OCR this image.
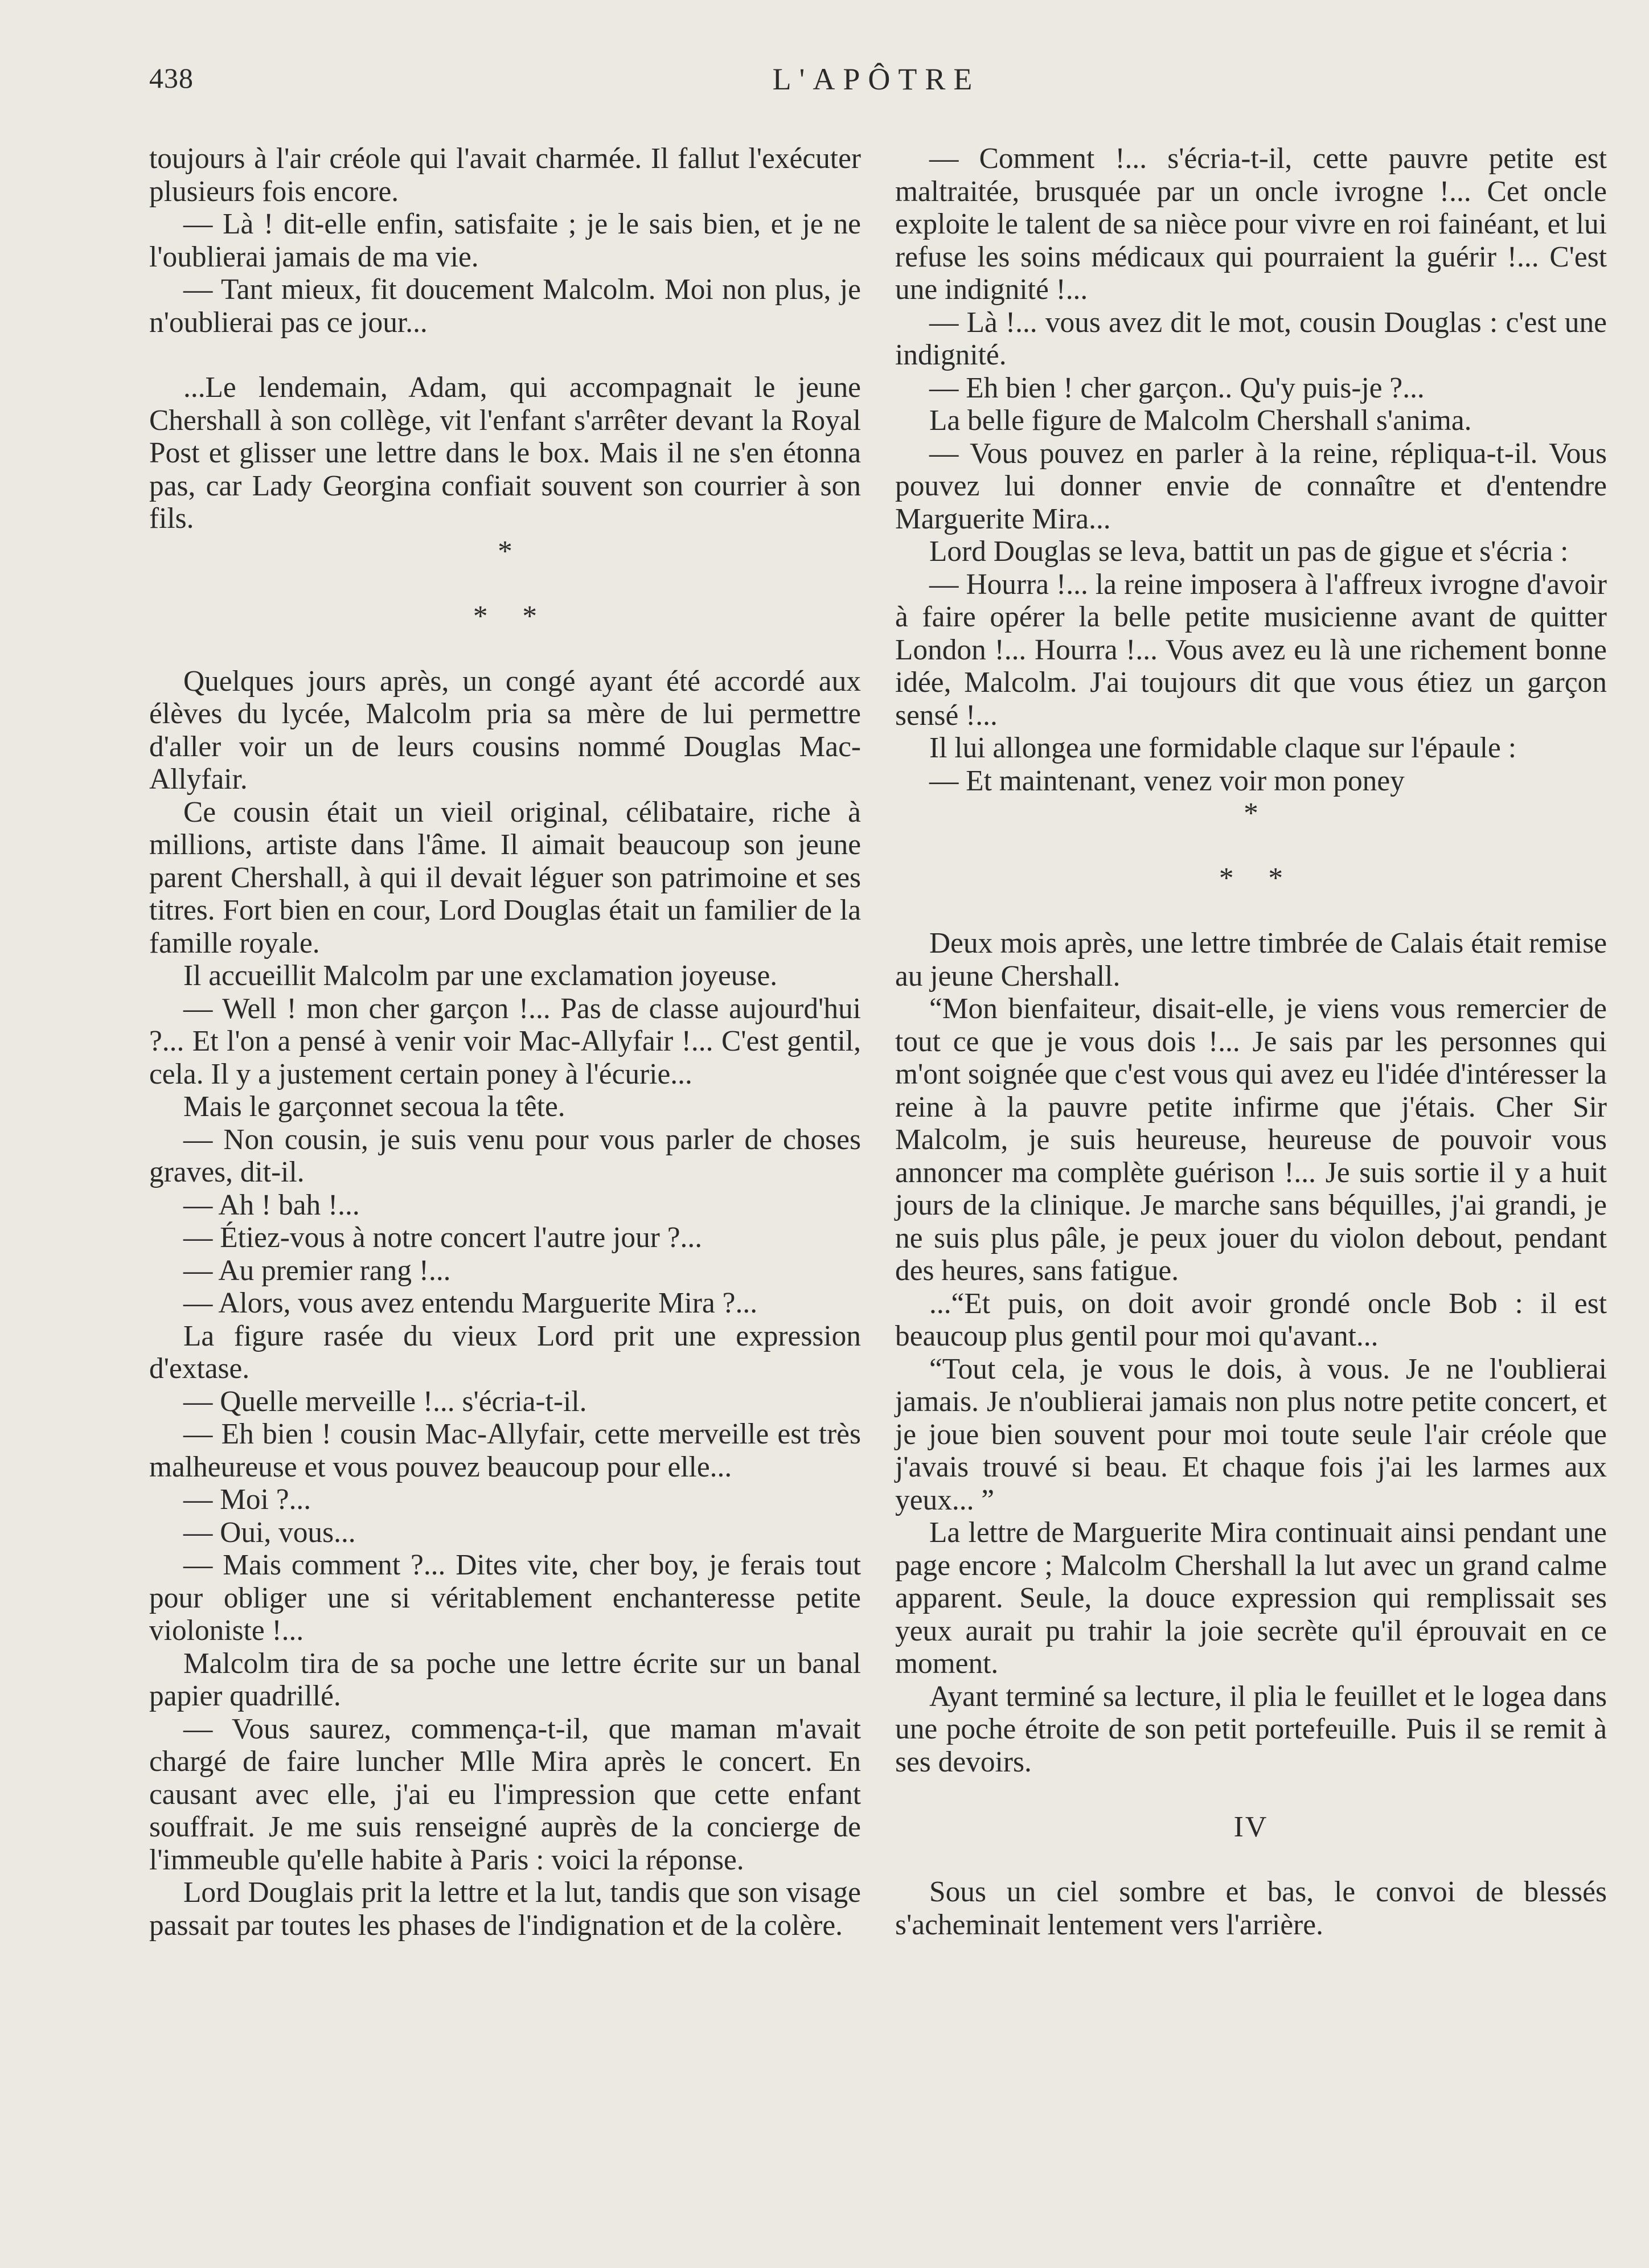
438	L'APÔTRE

toujours à l'air créole qui l'avait charmée. Il fallut l'exécuter plusieurs fois encore.

— Là ! dit-elle enfin, satisfaite ; je le sais bien, et je ne l'oublierai jamais de ma vie.

— Tant mieux, fit doucement Malcolm. Moi non plus, je n'oublierai pas ce jour...

...Le lendemain, Adam, qui accompagnait le jeune Chershall à son collège, vit l'enfant s'arrêter devant la Royal Post et glisser une lettre dans le box. Mais il ne s'en étonna pas, car Lady Georgina confiait souvent son courrier à son fils.

*

* *

Quelques jours après, un congé ayant été accordé aux élèves du lycée, Malcolm pria sa mère de lui permettre d'aller voir un de leurs cousins nommé Douglas Mac-Allyfair.

Ce cousin était un vieil original, célibataire, riche à millions, artiste dans l'âme. Il aimait beaucoup son jeune parent Chershall, à qui il devait léguer son patrimoine et ses titres. Fort bien en cour, Lord Douglas était un familier de la famille royale.

Il accueillit Malcolm par une exclamation joyeuse.

— Well ! mon cher garçon !... Pas de classe aujourd'hui ?... Et l'on a pensé à venir voir Mac-Allyfair !... C'est gentil, cela. Il y a justement certain poney à l'écurie...

Mais le garçonnet secoua la tête.

— Non cousin, je suis venu pour vous parler de choses graves, dit-il.

— Ah ! bah !...

— Étiez-vous à notre concert l'autre jour ?...

— Au premier rang !...

— Alors, vous avez entendu Marguerite Mira ?...

La figure rasée du vieux Lord prit une expression d'extase.

— Quelle merveille !... s'écria-t-il.

— Eh bien ! cousin Mac-Allyfair, cette merveille est très malheureuse et vous pouvez beaucoup pour elle...

— Moi ?...

— Oui, vous...

— Mais comment ?... Dites vite, cher boy, je ferais tout pour obliger une si véritablement enchanteresse petite violoniste !...

Malcolm tira de sa poche une lettre écrite sur un banal papier quadrillé.

— Vous saurez, commença-t-il, que maman m'avait chargé de faire luncher Mlle Mira après le concert. En causant avec elle, j'ai eu l'impression que cette enfant souffrait. Je me suis renseigné auprès de la concierge de l'immeuble qu'elle habite à Paris : voici la réponse.

Lord Douglais prit la lettre et la lut, tandis que son visage passait par toutes les phases de l'indignation et de la colère.

— Comment !... s'écria-t-il, cette pauvre petite est maltraitée, brusquée par un oncle ivrogne !... Cet oncle exploite le talent de sa nièce pour vivre en roi fainéant, et lui refuse les soins médicaux qui pourraient la guérir !... C'est une indignité !...

— Là !... vous avez dit le mot, cousin Douglas : c'est une indignité.

— Eh bien ! cher garçon.. Qu'y puis-je ?...

La belle figure de Malcolm Chershall s'anima.

— Vous pouvez en parler à la reine, répliqua-t-il. Vous pouvez lui donner envie de connaître et d'entendre Marguerite Mira...

Lord Douglas se leva, battit un pas de gigue et s'écria :

— Hourra !... la reine imposera à l'affreux ivrogne d'avoir à faire opérer la belle petite musicienne avant de quitter London !... Hourra !... Vous avez eu là une richement bonne idée, Malcolm. J'ai toujours dit que vous étiez un garçon sensé !...

Il lui allongea une formidable claque sur l'épaule :

— Et maintenant, venez voir mon poney

*

* *

Deux mois après, une lettre timbrée de Calais était remise au jeune Chershall.

“Mon bienfaiteur, disait-elle, je viens vous remercier de tout ce que je vous dois !... Je sais par les personnes qui m'ont soignée que c'est vous qui avez eu l'idée d'intéresser la reine à la pauvre petite infirme que j'étais. Cher Sir Malcolm, je suis heureuse, heureuse de pouvoir vous annoncer ma complète guérison !... Je suis sortie il y a huit jours de la clinique. Je marche sans béquilles, j'ai grandi, je ne suis plus pâle, je peux jouer du violon debout, pendant des heures, sans fatigue.

...“Et puis, on doit avoir grondé oncle Bob : il est beaucoup plus gentil pour moi qu'avant...

“Tout cela, je vous le dois, à vous. Je ne l'oublierai jamais. Je n'oublierai jamais non plus notre petite concert, et je joue bien souvent pour moi toute seule l'air créole que j'avais trouvé si beau. Et chaque fois j'ai les larmes aux yeux... ”

La lettre de Marguerite Mira continuait ainsi pendant une page encore ; Malcolm Chershall la lut avec un grand calme apparent. Seule, la douce expression qui remplissait ses yeux aurait pu trahir la joie secrète qu'il éprouvait en ce moment.

Ayant terminé sa lecture, il plia le feuillet et le logea dans une poche étroite de son petit portefeuille. Puis il se remit à ses devoirs.

IV

Sous un ciel sombre et bas, le convoi de blessés s'acheminait lentement vers l'arrière.
